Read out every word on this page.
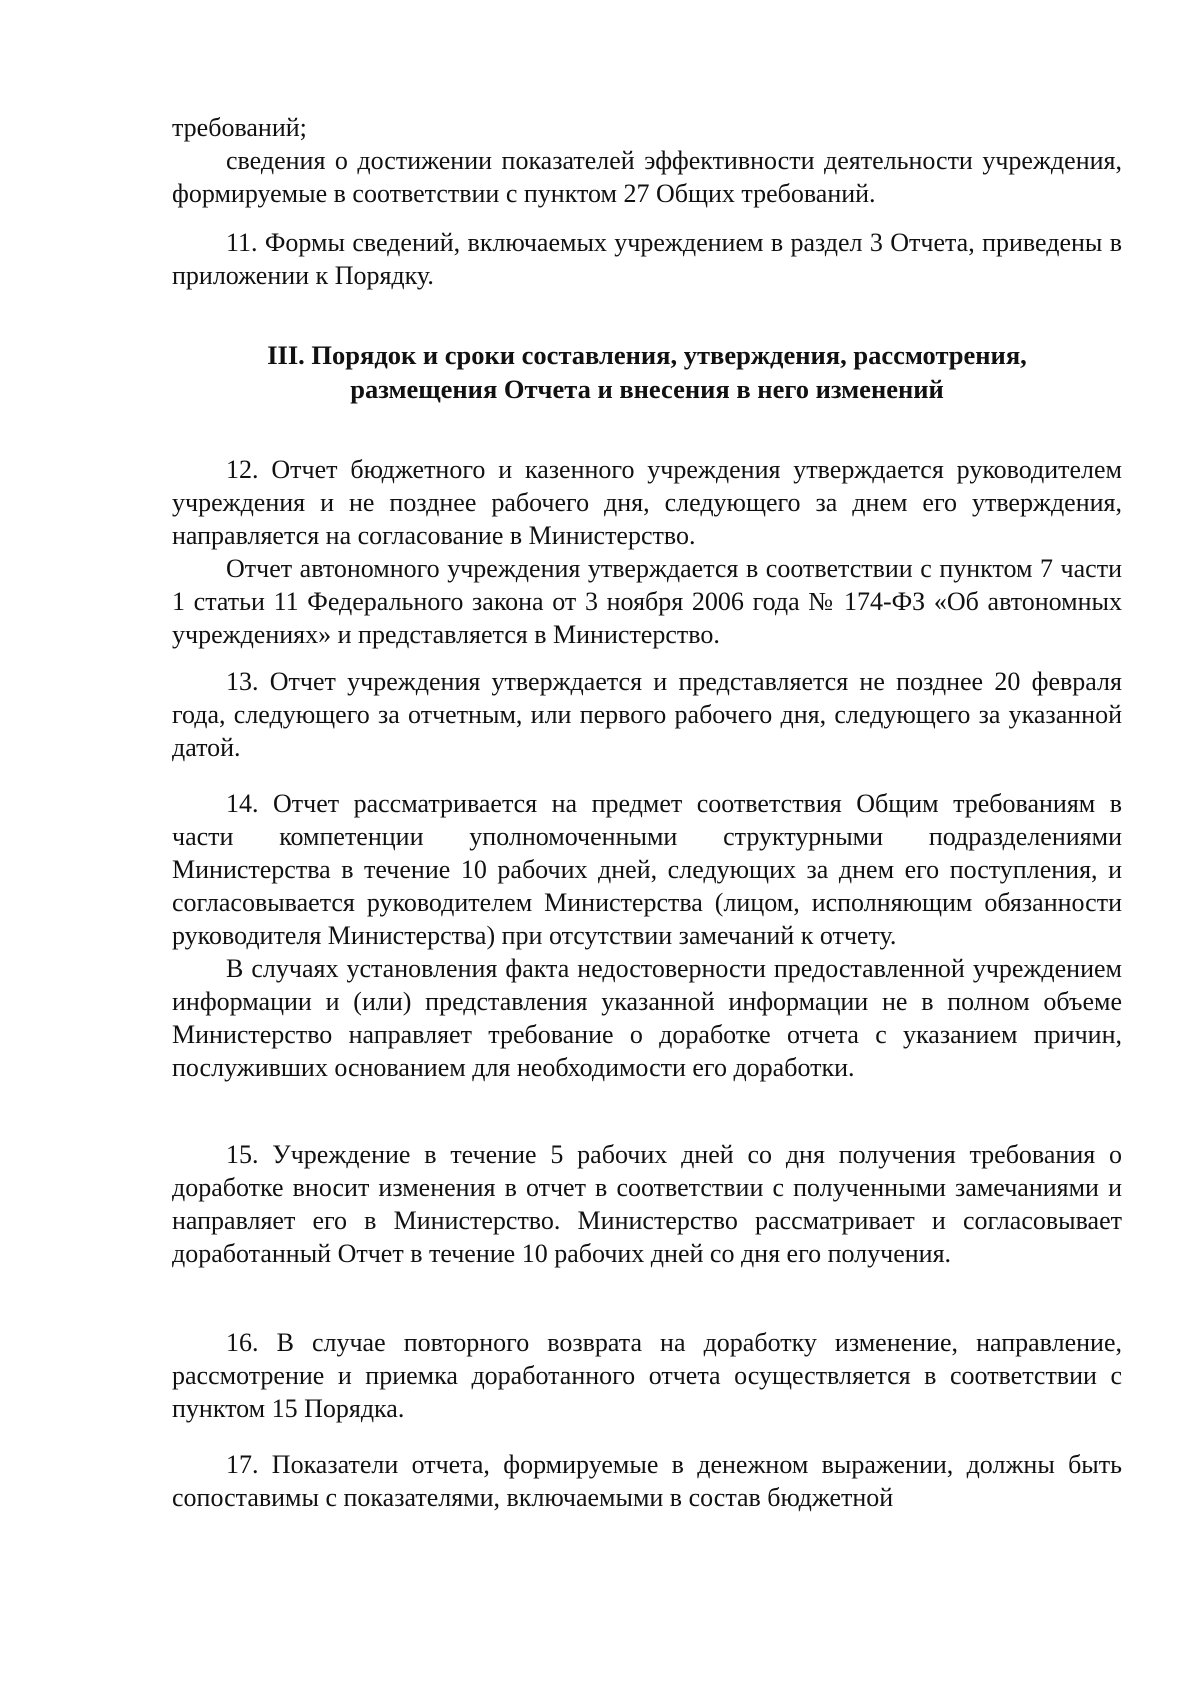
требований;

сведения о достижении показателей эффективности деятельности учреждения, формируемые в соответствии с пунктом 27 Общих требований.

11. Формы сведений, включаемых учреждением в раздел 3 Отчета, приведены в приложении к Порядку.

III. Порядок и сроки составления, утверждения, рассмотрения,
размещения Отчета и внесения в него изменений

12. Отчет бюджетного и казенного учреждения утверждается руководителем учреждения и не позднее рабочего дня, следующего за днем его утверждения, направляется на согласование в Министерство.

Отчет автономного учреждения утверждается в соответствии с пунктом 7 части 1 статьи 11 Федерального закона от 3 ноября 2006 года № 174-ФЗ «Об автономных учреждениях» и представляется в Министерство.

13. Отчет учреждения утверждается и представляется не позднее 20 февраля года, следующего за отчетным, или первого рабочего дня, следующего за указанной датой.

14. Отчет рассматривается на предмет соответствия Общим требованиям в части компетенции уполномоченными структурными подразделениями Министерства в течение 10 рабочих дней, следующих за днем его поступления, и согласовывается руководителем Министерства (лицом, исполняющим обязанности руководителя Министерства) при отсутствии замечаний к отчету.

В случаях установления факта недостоверности предоставленной учреждением информации и (или) представления указанной информации не в полном объеме Министерство направляет требование о доработке отчета с указанием причин, послуживших основанием для необходимости его доработки.

15. Учреждение в течение 5 рабочих дней со дня получения требования о доработке вносит изменения в отчет в соответствии с полученными замечаниями и направляет его в Министерство. Министерство рассматривает и согласовывает доработанный Отчет в течение 10 рабочих дней со дня его получения.

16. В случае повторного возврата на доработку изменение, направление, рассмотрение и приемка доработанного отчета осуществляется в соответствии с пунктом 15 Порядка.

17. Показатели отчета, формируемые в денежном выражении, должны быть сопоставимы с показателями, включаемыми в состав бюджетной
